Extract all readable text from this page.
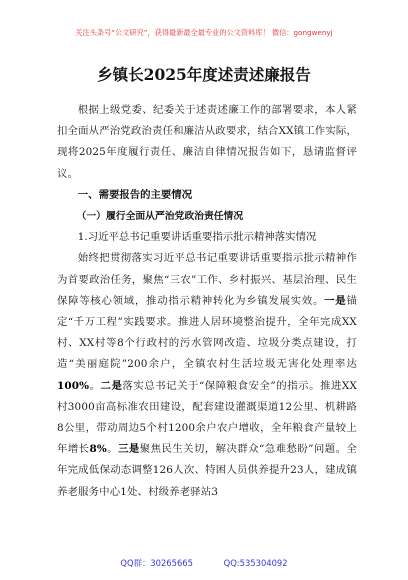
关注头条号“公文研究”，获得最新最全最专业的公文资料库！ 微信：gongwenyj
乡镇长2025年度述责述廉报告

根据上级党委、纪委关于述责述廉工作的部署要求，本人紧扣全面从严治党政治责任和廉洁从政要求，结合XX镇工作实际，现将2025年度履行责任、廉洁自律情况报告如下，恳请监督评议。

一、需要报告的主要情况

（一）履行全面从严治党政治责任情况

1.习近平总书记重要讲话重要指示批示精神落实情况

始终把贯彻落实习近平总书记重要讲话重要指示批示精神作为首要政治任务，聚焦“三农”工作、乡村振兴、基层治理、民生保障等核心领域，推动指示精神转化为乡镇发展实效。一是锚定“千万工程”实践要求。推进人居环境整治提升，全年完成XX村、XX村等8个行政村的污水管网改造、垃圾分类点建设，打造“美丽庭院”200余户，全镇农村生活垃圾无害化处理率达100%。二是落实总书记关于“保障粮食安全”的指示。推进XX村3000亩高标准农田建设，配套建设灌溉渠道12公里、机耕路8公里，带动周边5个村1200余户农户增收，全年粮食产量较上年增长8%。三是聚焦民生关切，解决群众“急难愁盼”问题。全年完成低保动态调整126人次、特困人员供养提升23人，建成镇养老服务中心1处、村级养老驿站3

QQ群：30265665	QQ:535304092
